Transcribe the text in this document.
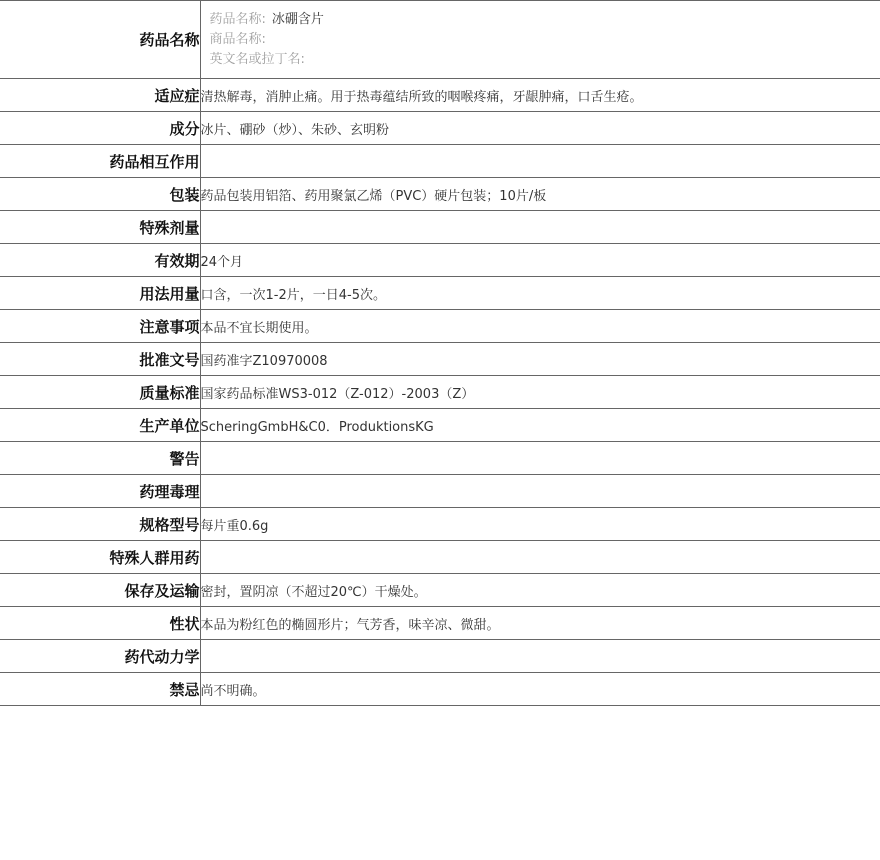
药品名称	药品名称: 冰硼含片
商品名称:
英文名或拉丁名:

适应症	清热解毒，消肿止痛。用于热毒蕴结所致的咽喉疼痛，牙龈肿痛，口舌生疮。
成分	冰片、硼砂（炒）、朱砂、玄明粉
药品相互作用	
包装	药品包装用铝箔、药用聚氯乙烯（PVC）硬片包装；10片/板
特殊剂量	
有效期	24个月
用法用量	口含，一次1-2片，一日4-5次。
注意事项	本品不宜长期使用。
批准文号	国药准字Z10970008
质量标准	国家药品标准WS3-012（Z-012）-2003（Z）
生产单位	ScheringGmbH&C0．ProduktionsKG
警告	
药理毒理	
规格型号	每片重0.6g
特殊人群用药	
保存及运输	密封，置阴凉（不超过20℃）干燥处。
性状	本品为粉红色的椭圆形片；气芳香，味辛凉、微甜。
药代动力学	
禁忌	尚不明确。
